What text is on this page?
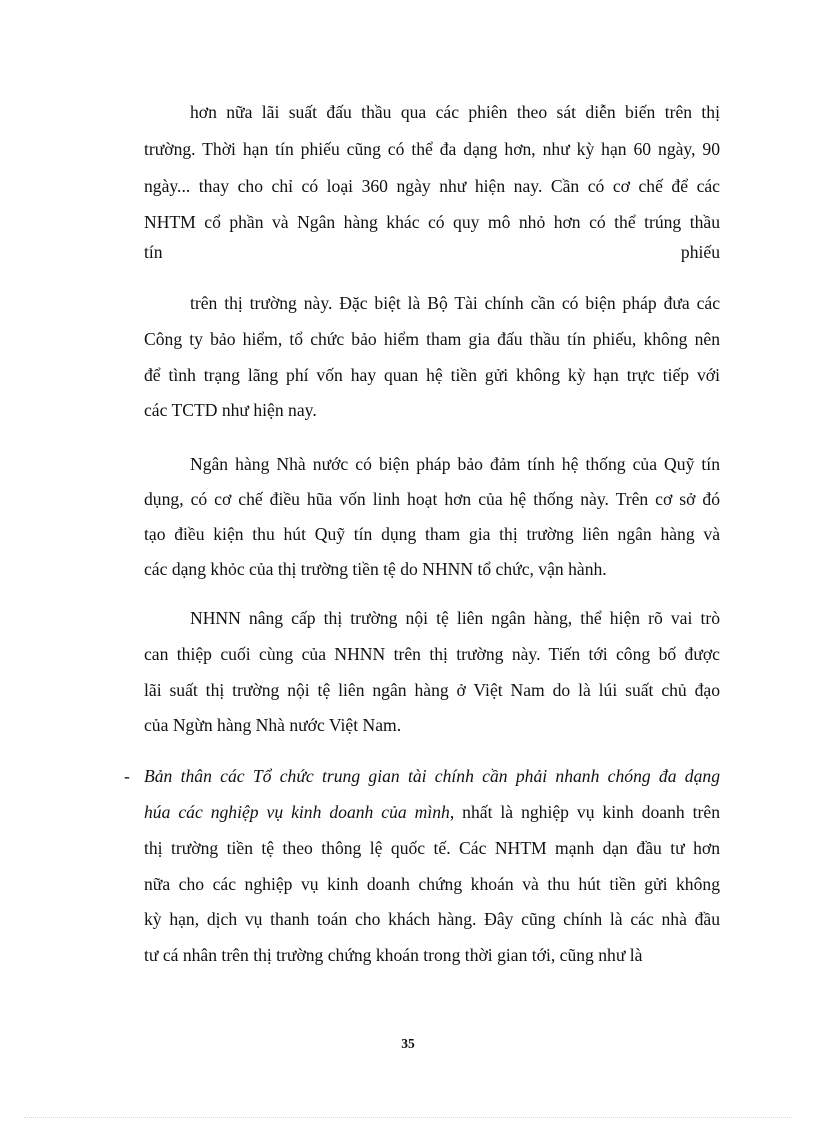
hơn nữa lãi suất đấu thầu qua các phiên theo sát diễn biến trên thị
trường. Thời hạn tín phiếu cũng có thể đa dạng hơn, như kỳ hạn 60 ngày, 90
ngày... thay cho chỉ có loại 360 ngày như hiện nay. Cần có cơ chế để các
NHTM cổ phần và Ngân hàng khác có quy mô nhỏ hơn có thể trúng thầu
tín	phiếu
trên thị trường này. Đặc biệt là Bộ Tài chính cần có biện pháp đưa các
Công ty bảo hiểm, tổ chức bảo hiểm tham gia đấu thầu tín phiếu, không nên
để tình trạng lãng phí vốn hay quan hệ tiền gửi không kỳ hạn trực tiếp với
các TCTD như hiện nay.
Ngân hàng Nhà nước có biện pháp bảo đảm tính hệ thống của Quỹ tín
dụng, có cơ chế điều hũa vốn linh hoạt hơn của hệ thống này. Trên cơ sở đó
tạo điều kiện thu hút Quỹ tín dụng tham gia thị trường liên ngân hàng và
các dạng khỏc của thị trường tiền tệ do NHNN tổ chức, vận hành.
NHNN nâng cấp thị trường nội tệ liên ngân hàng, thể hiện rõ vai trò
can thiệp cuối cùng của NHNN trên thị trường này. Tiến tới công bố được
lãi suất thị trường nội tệ liên ngân hàng ở Việt Nam do là lúi suất chủ đạo
của Ngừn hàng Nhà nước Việt Nam.
- Bản thân các Tổ chức trung gian tài chính cần phải nhanh chóng đa dạng
húa các nghiệp vụ kinh doanh của mình, nhất là nghiệp vụ kinh doanh trên
thị trường tiền tệ theo thông lệ quốc tế. Các NHTM mạnh dạn đầu tư hơn
nữa cho các nghiệp vụ kinh doanh chứng khoán và thu hút tiền gửi không
kỳ hạn, dịch vụ thanh toán cho khách hàng. Đây cũng chính là các nhà đầu
tư cá nhân trên thị trường chứng khoán trong thời gian tới, cũng như là
35
